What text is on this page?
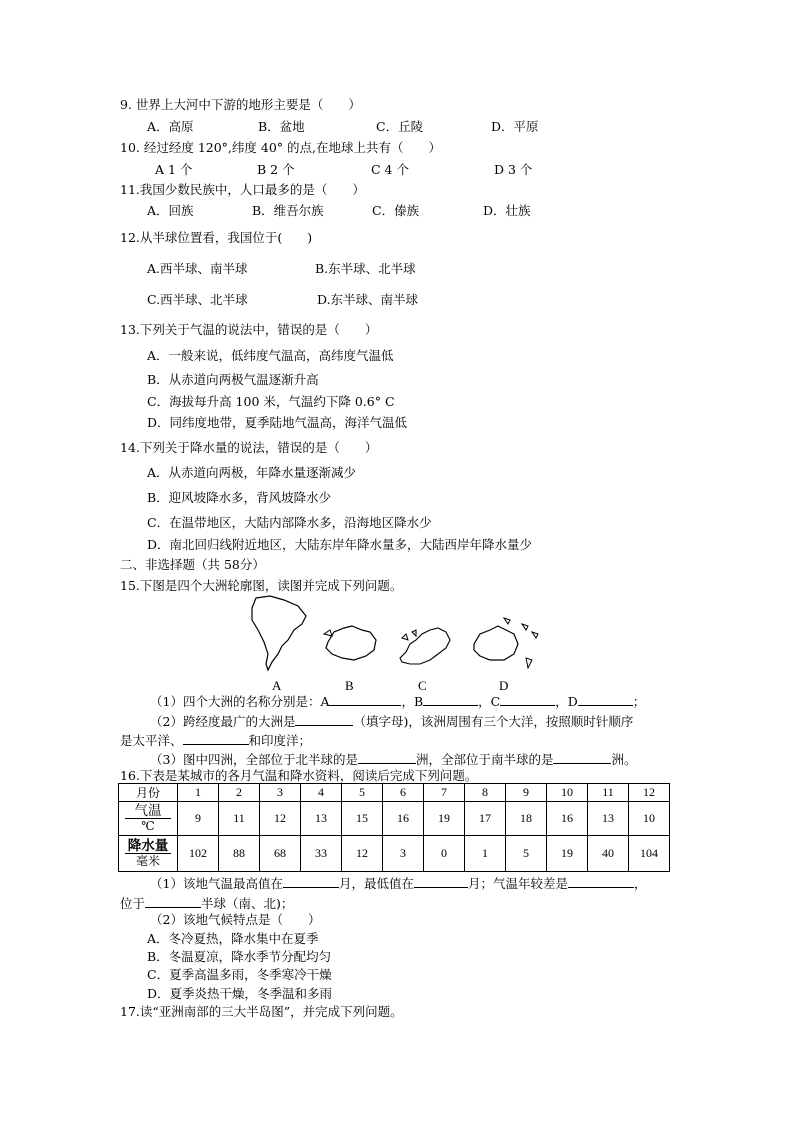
9. 世界上大河中下游的地形主要是（　　）
A．高原	B．盆地	C．丘陵	D．平原
10. 经过经度 120°,纬度 40° 的点,在地球上共有（　　）
A 1 个	B 2 个	C 4 个	D 3 个
11.我国少数民族中，人口最多的是（　　）
A．回族	B．维吾尔族	C．傣族	D．壮族
12.从半球位置看，我国位于(　　)
A.西半球、南半球	B.东半球、北半球
C.西半球、北半球	D.东半球、南半球
13.下列关于气温的说法中，错误的是（　　）
A．一般来说，低纬度气温高，高纬度气温低
B．从赤道向两极气温逐渐升高
C．海拔每升高 100 米，气温约下降 0.6° C
D．同纬度地带，夏季陆地气温高，海洋气温低
14.下列关于降水量的说法，错误的是（　　）
A．从赤道向两极，年降水量逐渐减少
B．迎风坡降水多，背风坡降水少
C．在温带地区，大陆内部降水多，沿海地区降水少
D．南北回归线附近地区，大陆东岸年降水量多，大陆西岸年降水量少
二、非选择题（共 58分）
15.下图是四个大洲轮廓图，读图并完成下列问题。
A	B	C	D
（1）四个大洲的名称分别是：A	，B	，C	，D	；
（2）跨经度最广的大洲是	（填字母)，该洲周围有三个大洋，按照顺时针顺序
是太平洋、	和印度洋；
（3）图中四洲，全部位于北半球的是	洲，全部位于南半球的是	洲。
16.下表是某城市的各月气温和降水资料，阅读后完成下列问题。
月份	1	2	3	4	5	6	7	8	9	10	11	12

气温
℃	9	11	12	13	15	16	19	17	18	16	13	10

降水量
毫米	102	88	68	33	12	3	0	1	5	19	40	104
（1）该地气温最高值在	月，最低值在	月；气温年较差是	，
位于	半球（南、北)；
（2）该地气候特点是（　　）
A．冬冷夏热，降水集中在夏季
B．冬温夏凉，降水季节分配均匀
C．夏季高温多雨，冬季寒冷干燥
D．夏季炎热干燥，冬季温和多雨
17.读“亚洲南部的三大半岛图”，并完成下列问题。
